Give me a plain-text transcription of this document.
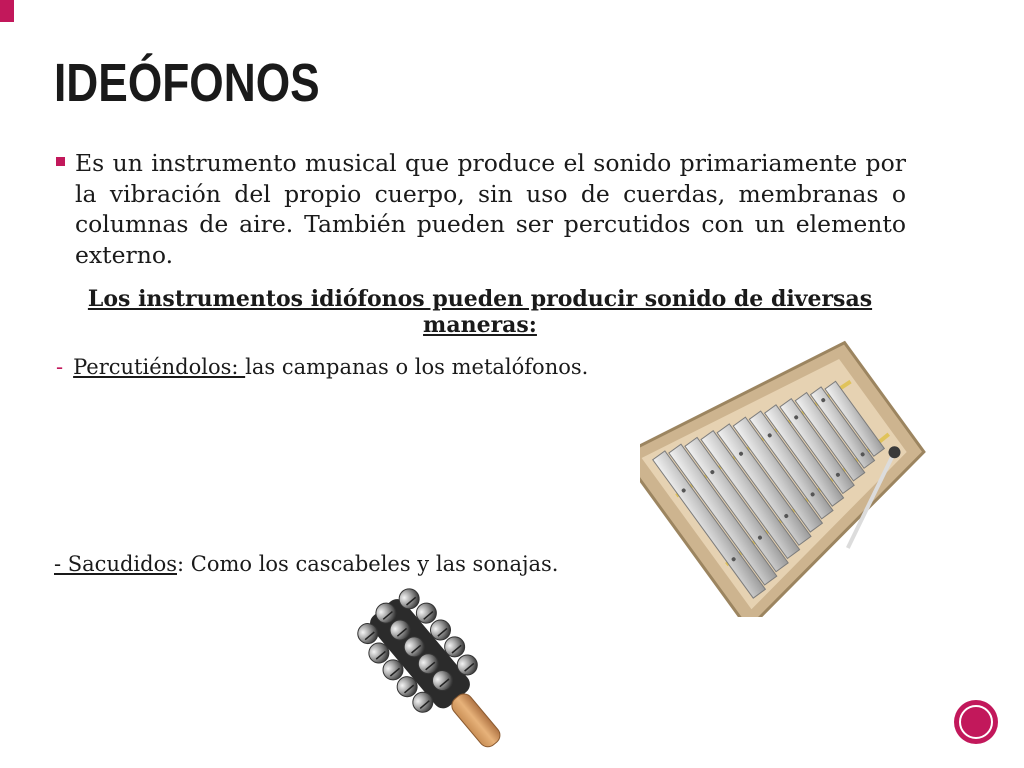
IDEÓFONOS
Es un instrumento musical que produce el sonido primariamente por la vibración del propio cuerpo, sin uso de cuerdas, membranas o columnas de aire. También pueden ser percutidos con un elemento externo.
Los instrumentos idiófonos pueden producir sonido de diversas maneras:
- Percutiéndolos: las campanas o los metalófonos.
- Sacudidos: Como los cascabeles y las sonajas.
